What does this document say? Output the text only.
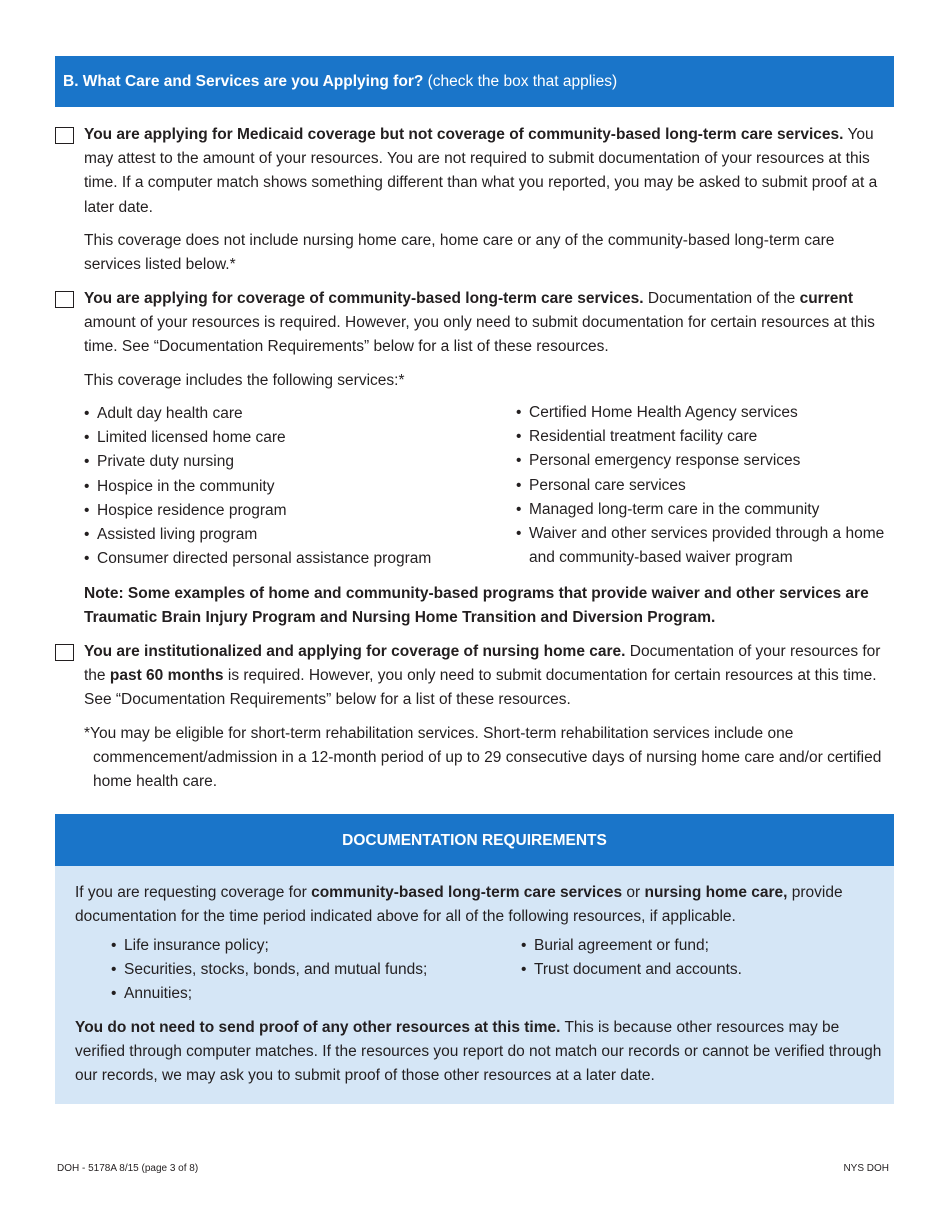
B. What Care and Services are you Applying for? (check the box that applies)
You are applying for Medicaid coverage but not coverage of community-based long-term care services. You may attest to the amount of your resources. You are not required to submit documentation of your resources at this time. If a computer match shows something different than what you reported, you may be asked to submit proof at a later date.
This coverage does not include nursing home care, home care or any of the community-based long-term care services listed below.*
You are applying for coverage of community-based long-term care services. Documentation of the current amount of your resources is required. However, you only need to submit documentation for certain resources at this time. See “Documentation Requirements” below for a list of these resources.
This coverage includes the following services:*
• Adult day health care
• Limited licensed home care
• Private duty nursing
• Hospice in the community
• Hospice residence program
• Assisted living program
• Consumer directed personal assistance program
• Certified Home Health Agency services
• Residential treatment facility care
• Personal emergency response services
• Personal care services
• Managed long-term care in the community
• Waiver and other services provided through a home and community-based waiver program
Note: Some examples of home and community-based programs that provide waiver and other services are Traumatic Brain Injury Program and Nursing Home Transition and Diversion Program.
You are institutionalized and applying for coverage of nursing home care. Documentation of your resources for the past 60 months is required. However, you only need to submit documentation for certain resources at this time. See “Documentation Requirements” below for a list of these resources.
*You may be eligible for short-term rehabilitation services. Short-term rehabilitation services include one commencement/admission in a 12-month period of up to 29 consecutive days of nursing home care and/or certified home health care.
DOCUMENTATION REQUIREMENTS
If you are requesting coverage for community-based long-term care services or nursing home care, provide documentation for the time period indicated above for all of the following resources, if applicable.
• Life insurance policy;
• Securities, stocks, bonds, and mutual funds;
• Annuities;
• Burial agreement or fund;
• Trust document and accounts.
You do not need to send proof of any other resources at this time. This is because other resources may be verified through computer matches. If the resources you report do not match our records or cannot be verified through our records, we may ask you to submit proof of those other resources at a later date.
DOH - 5178A 8/15 (page 3 of 8)	NYS DOH
